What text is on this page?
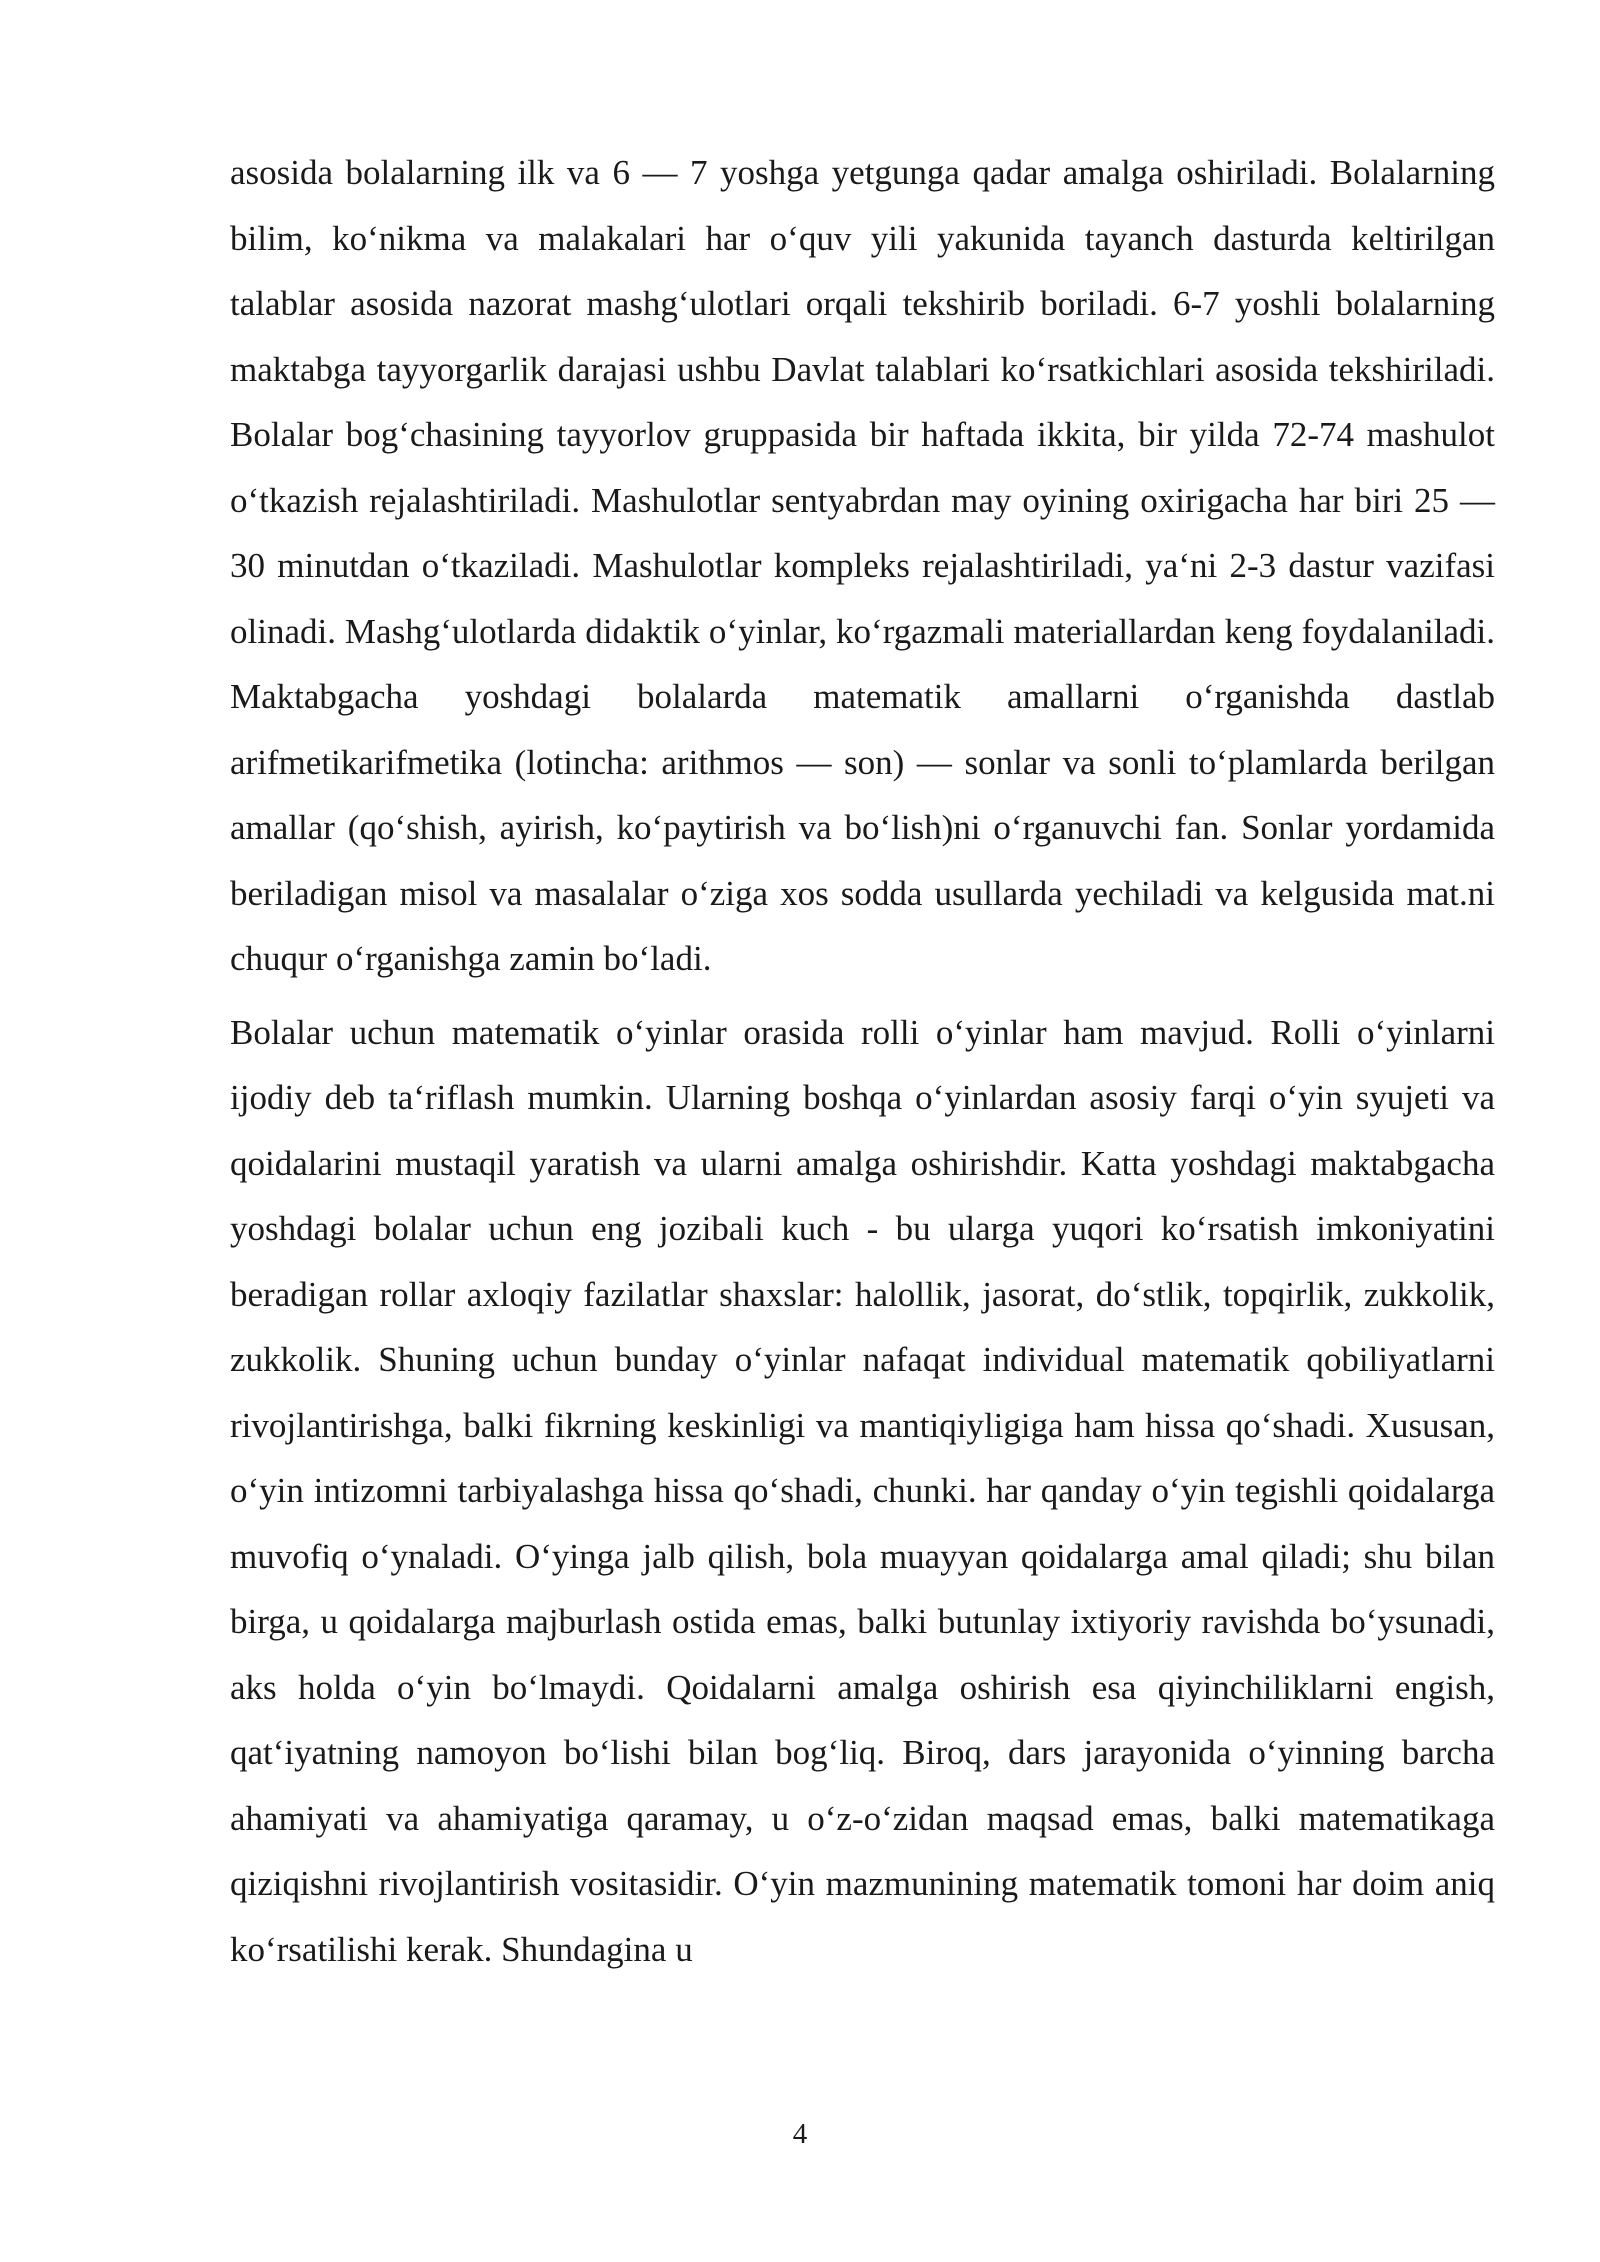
asosida bolalarning ilk va 6 — 7 yoshga yetgunga qadar amalga oshiriladi. Bolalarning bilim, koʻnikma va malakalari har oʻquv yili yakunida tayanch dasturda keltirilgan talablar asosida nazorat mashgʻulotlari orqali tekshirib boriladi. 6-7 yoshli bolalarning maktabga tayyorgarlik darajasi ushbu Davlat talablari koʻrsatkichlari asosida tekshiriladi. Bolalar bogʻchasining tayyorlov gruppasida bir haftada ikkita, bir yilda 72-74 mashulot oʻtkazish rejalashtiriladi. Mashulotlar sentyabrdan may oyining oxirigacha har biri 25 — 30 minutdan oʻtkaziladi. Mashulotlar kompleks rejalashtiriladi, yaʻni 2-3 dastur vazifasi olinadi. Mashgʻulotlarda didaktik oʻyinlar, koʻrgazmali materiallardan keng foydalaniladi. Maktabgacha yoshdagi bolalarda matematik amallarni oʻrganishda dastlab arifmetikarifmetika (lotincha: arithmos — son) — sonlar va sonli toʻplamlarda berilgan amallar (qoʻshish, ayirish, koʻpaytirish va boʻlish)ni oʻrganuvchi fan. Sonlar yordamida beriladigan misol va masalalar oʻziga xos sodda usullarda yechiladi va kelgusida mat.ni chuqur oʻrganishga zamin boʻladi.

Bolalar uchun matematik oʻyinlar orasida rolli oʻyinlar ham mavjud. Rolli oʻyinlarni ijodiy deb taʻriflash mumkin. Ularning boshqa oʻyinlardan asosiy farqi oʻyin syujeti va qoidalarini mustaqil yaratish va ularni amalga oshirishdir. Katta yoshdagi maktabgacha yoshdagi bolalar uchun eng jozibali kuch - bu ularga yuqori koʻrsatish imkoniyatini beradigan rollar axloqiy fazilatlar shaxslar: halollik, jasorat, doʻstlik, topqirlik, zukkolik, zukkolik. Shuning uchun bunday oʻyinlar nafaqat individual matematik qobiliyatlarni rivojlantirishga, balki fikrning keskinligi va mantiqiyligiga ham hissa qoʻshadi. Xususan, oʻyin intizomni tarbiyalashga hissa qoʻshadi, chunki. har qanday oʻyin tegishli qoidalarga muvofiq oʻynaladi. Oʻyinga jalb qilish, bola muayyan qoidalarga amal qiladi; shu bilan birga, u qoidalarga majburlash ostida emas, balki butunlay ixtiyoriy ravishda boʻysunadi, aks holda oʻyin boʻlmaydi. Qoidalarni amalga oshirish esa qiyinchiliklarni engish, qatʻiyatning namoyon boʻlishi bilan bogʻliq. Biroq, dars jarayonida oʻyinning barcha ahamiyati va ahamiyatiga qaramay, u oʻz-oʻzidan maqsad emas, balki matematikaga qiziqishni rivojlantirish vositasidir. Oʻyin mazmunining matematik tomoni har doim aniq koʻrsatilishi kerak. Shundagina u

4
